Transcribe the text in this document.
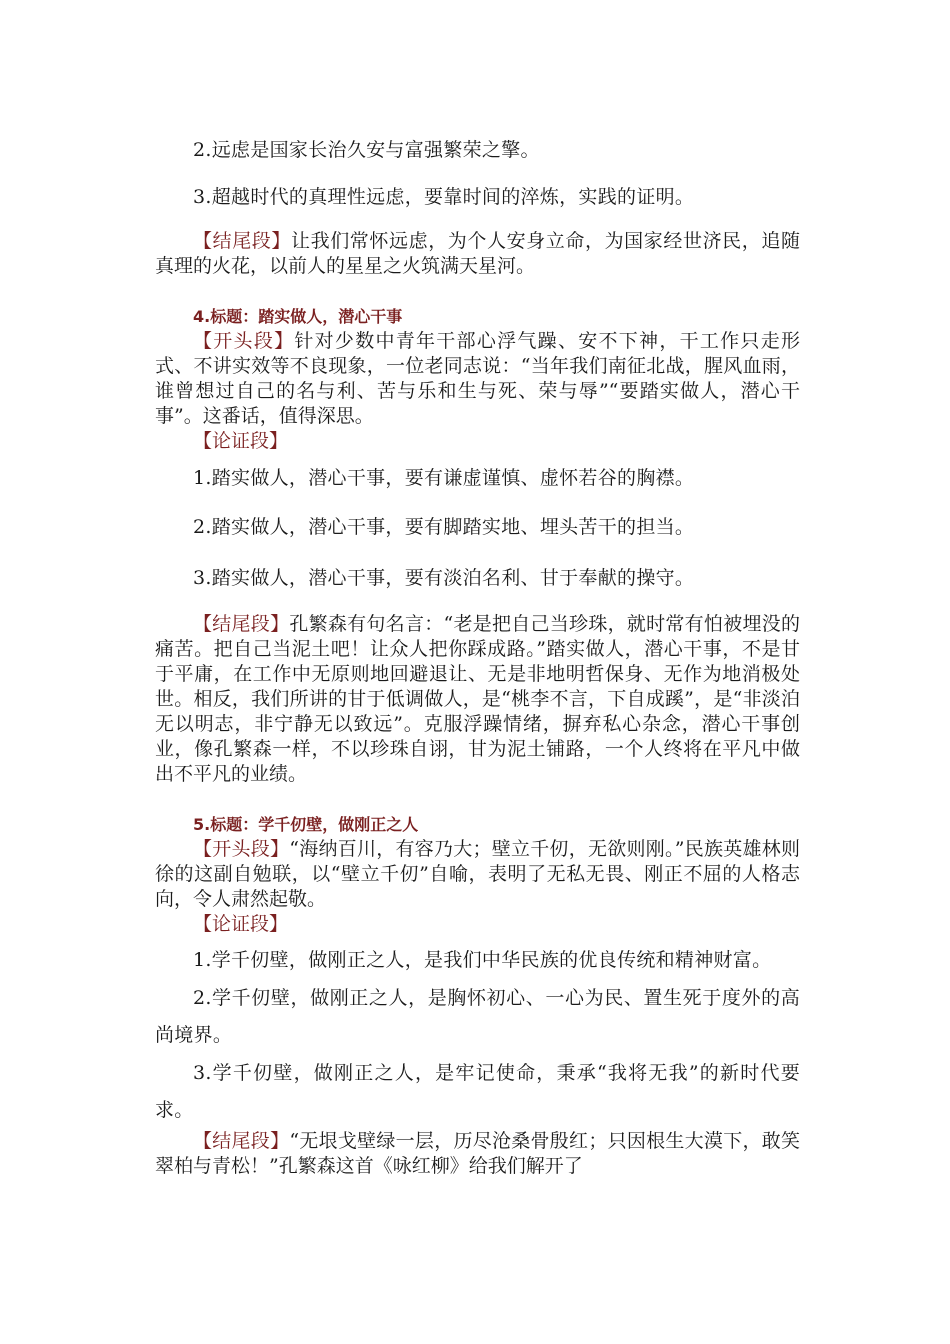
2.远虑是国家长治久安与富强繁荣之擎。

3.超越时代的真理性远虑，要靠时间的淬炼，实践的证明。

【结尾段】让我们常怀远虑，为个人安身立命，为国家经世济民，追随真理的火花，以前人的星星之火筑满天星河。

4.标题：踏实做人，潜心干事

【开头段】针对少数中青年干部心浮气躁、安不下神，干工作只走形式、不讲实效等不良现象，一位老同志说：“当年我们南征北战，腥风血雨，谁曾想过自己的名与利、苦与乐和生与死、荣与辱”“要踏实做人，潜心干事”。这番话，值得深思。

【论证段】

1.踏实做人，潜心干事，要有谦虚谨慎、虚怀若谷的胸襟。

2.踏实做人，潜心干事，要有脚踏实地、埋头苦干的担当。

3.踏实做人，潜心干事，要有淡泊名利、甘于奉献的操守。

【结尾段】孔繁森有句名言：“老是把自己当珍珠，就时常有怕被埋没的痛苦。把自己当泥土吧！让众人把你踩成路。”踏实做人，潜心干事，不是甘于平庸，在工作中无原则地回避退让、无是非地明哲保身、无作为地消极处世。相反，我们所讲的甘于低调做人，是“桃李不言，下自成蹊”，是“非淡泊无以明志，非宁静无以致远”。克服浮躁情绪，摒弃私心杂念，潜心干事创业，像孔繁森一样，不以珍珠自诩，甘为泥土铺路，一个人终将在平凡中做出不平凡的业绩。

5.标题：学千仞壁，做刚正之人

【开头段】“海纳百川，有容乃大；壁立千仞，无欲则刚。”民族英雄林则徐的这副自勉联，以“壁立千仞”自喻，表明了无私无畏、刚正不屈的人格志向，令人肃然起敬。

【论证段】

1.学千仞壁，做刚正之人，是我们中华民族的优良传统和精神财富。

2.学千仞壁，做刚正之人，是胸怀初心、一心为民、置生死于度外的高尚境界。

3.学千仞壁，做刚正之人，是牢记使命，秉承“我将无我”的新时代要求。

【结尾段】“无垠戈壁绿一层，历尽沧桑骨殷红；只因根生大漠下，敢笑翠柏与青松！”孔繁森这首《咏红柳》给我们解开了
